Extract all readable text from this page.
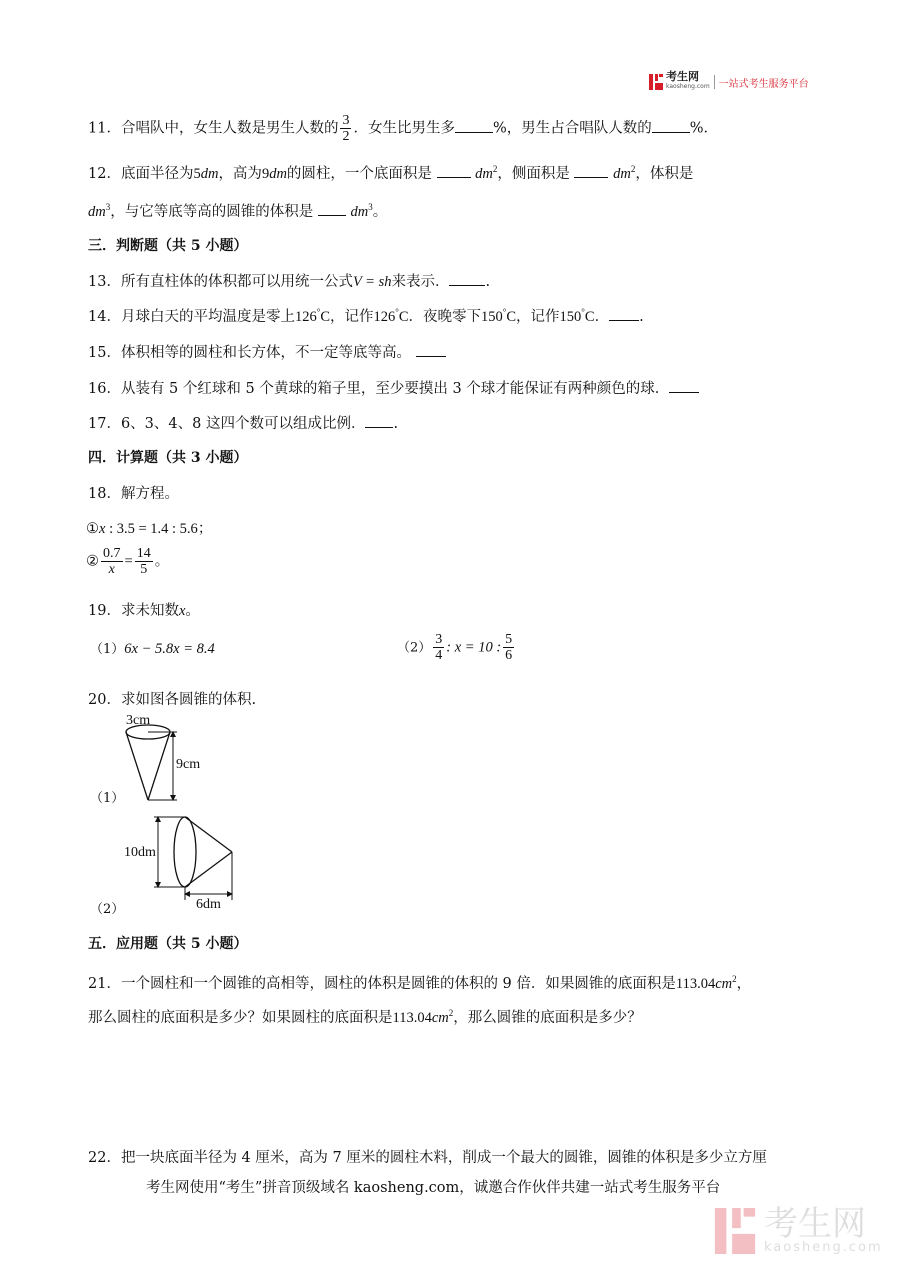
考生网
kaosheng.com 一站式考生服务平台
11．合唱队中，女生人数是男生人数的 $\frac{3}{2}$ ．女生比男生多	%，男生占合唱队人数的	%．
12．底面半径为5dm，高为9dm的圆柱，一个底面积是	$dm^2$，侧面积是	$dm^2$，体积是
$dm^3$，与它等底等高的圆锥的体积是	$dm^3$。
三．判断题（共 5 小题）
13．所有直柱体的体积都可以用统一公式V = sh来表示． .
14．月球白天的平均温度是零上126°C，记作126°C．夜晚零下150°C，记作150°C． .
15．体积相等的圆柱和长方体，不一定等底等高。
16．从装有 5 个红球和 5 个黄球的箱子里，至少要摸出 3 个球才能保证有两种颜色的球．
17．6、3、4、8 这四个数可以组成比例． .
四．计算题（共 3 小题）
18．解方程。
①x : 3.5 = 1.4 : 5.6；
② $\frac{0.7}{x} = \frac{14}{5}$ 。
19．求未知数x。
（1）6x − 5.8x = 8.4	$(2) \frac{3}{4}$ : x = 10 : $\frac{5}{6}$
20．求如图各圆锥的体积.
3cm
9cm
（1）
10dm
6dm
（2）
五．应用题（共 5 小题）
21．一个圆柱和一个圆锥的高相等，圆柱的体积是圆锥的体积的 9 倍．如果圆锥的底面积是$113.04cm^2$，
那么圆柱的底面积是多少？如果圆柱的底面积是$113.04cm^2$，那么圆锥的底面积是多少？
22．把一块底面半径为 4 厘米，高为 7 厘米的圆柱木料，削成一个最大的圆锥，圆锥的体积是多少立方厘
考生网使用“考生”拼音顶级域名 kaosheng.com，诚邀合作伙伴共建一站式考生服务平台
考生网
kaosheng.com
